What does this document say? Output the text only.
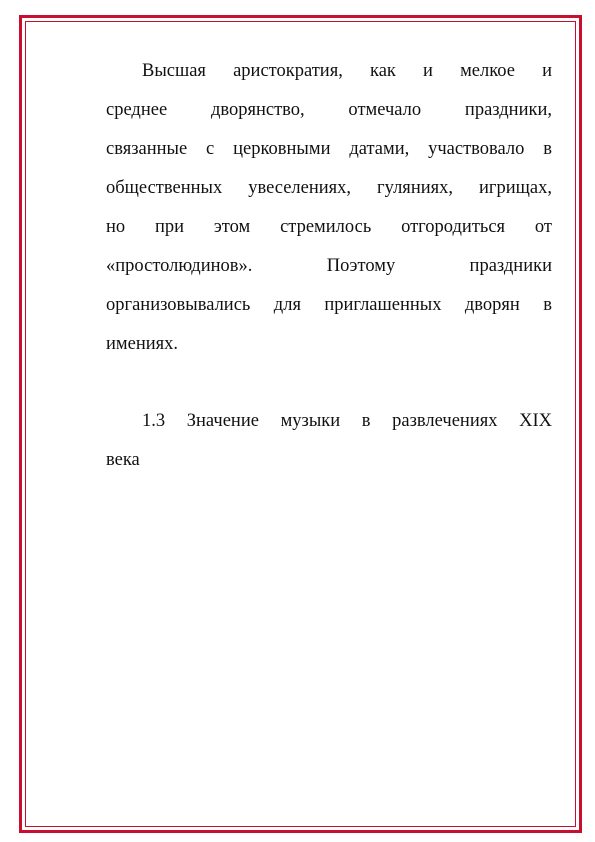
Высшая аристократия, как и мелкое и
среднее дворянство, отмечало праздники,
связанные с церковными датами, участвовало в
общественных увеселениях, гуляниях, игрищах,
но при этом стремилось отгородиться от
«простолюдинов». Поэтому праздники
организовывались для приглашенных дворян в
имениях.
1.3 Значение музыки в развлечениях XIX
века
